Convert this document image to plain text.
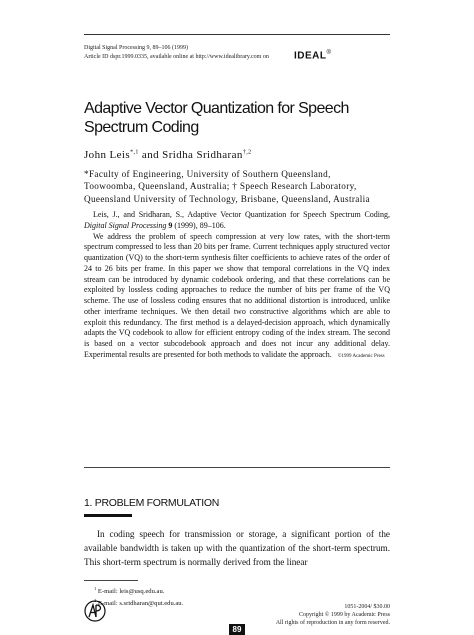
Digital Signal Processing 9, 89–106 (1999)
Article ID dspr.1999.0335, available online at http://www.idealibrary.com on	IDEAL®
Adaptive Vector Quantization for Speech
Spectrum Coding
John Leis$^{*,1}$ and Sridha Sridharan$^{\dagger,2}$
*Faculty of Engineering, University of Southern Queensland,
Toowoomba, Queensland, Australia; † Speech Research Laboratory,
Queensland University of Technology, Brisbane, Queensland, Australia

Leis, J., and Sridharan, S., Adaptive Vector Quantization for Speech Spectrum Coding, Digital Signal Processing 9 (1999), 89–106.

We address the problem of speech compression at very low rates, with the short-term spectrum compressed to less than 20 bits per frame. Current techniques apply structured vector quantization (VQ) to the short-term synthesis filter coefficients to achieve rates of the order of 24 to 26 bits per frame. In this paper we show that temporal correlations in the VQ index stream can be introduced by dynamic codebook ordering, and that these correlations can be exploited by lossless coding approaches to reduce the number of bits per frame of the VQ scheme. The use of lossless coding ensures that no additional distortion is introduced, unlike other interframe techniques. We then detail two constructive algorithms which are able to exploit this redundancy. The first method is a delayed-decision approach, which dynamically adapts the VQ codebook to allow for efficient entropy coding of the index stream. The second is based on a vector subcodebook approach and does not incur any additional delay. Experimental results are presented for both methods to validate the approach. ©1999 Academic Press

1. PROBLEM FORMULATION

In coding speech for transmission or storage, a significant portion of the available bandwidth is taken up with the quantization of the short-term spectrum. This short-term spectrum is normally derived from the linear

$^1$ E-mail: leis@usq.edu.au.
$^2$ E-mail: s.sridharan@qut.edu.au.	1051-2004/ $30.00
Copyright © 1999 by Academic Press
All rights of reproduction in any form reserved.
89
